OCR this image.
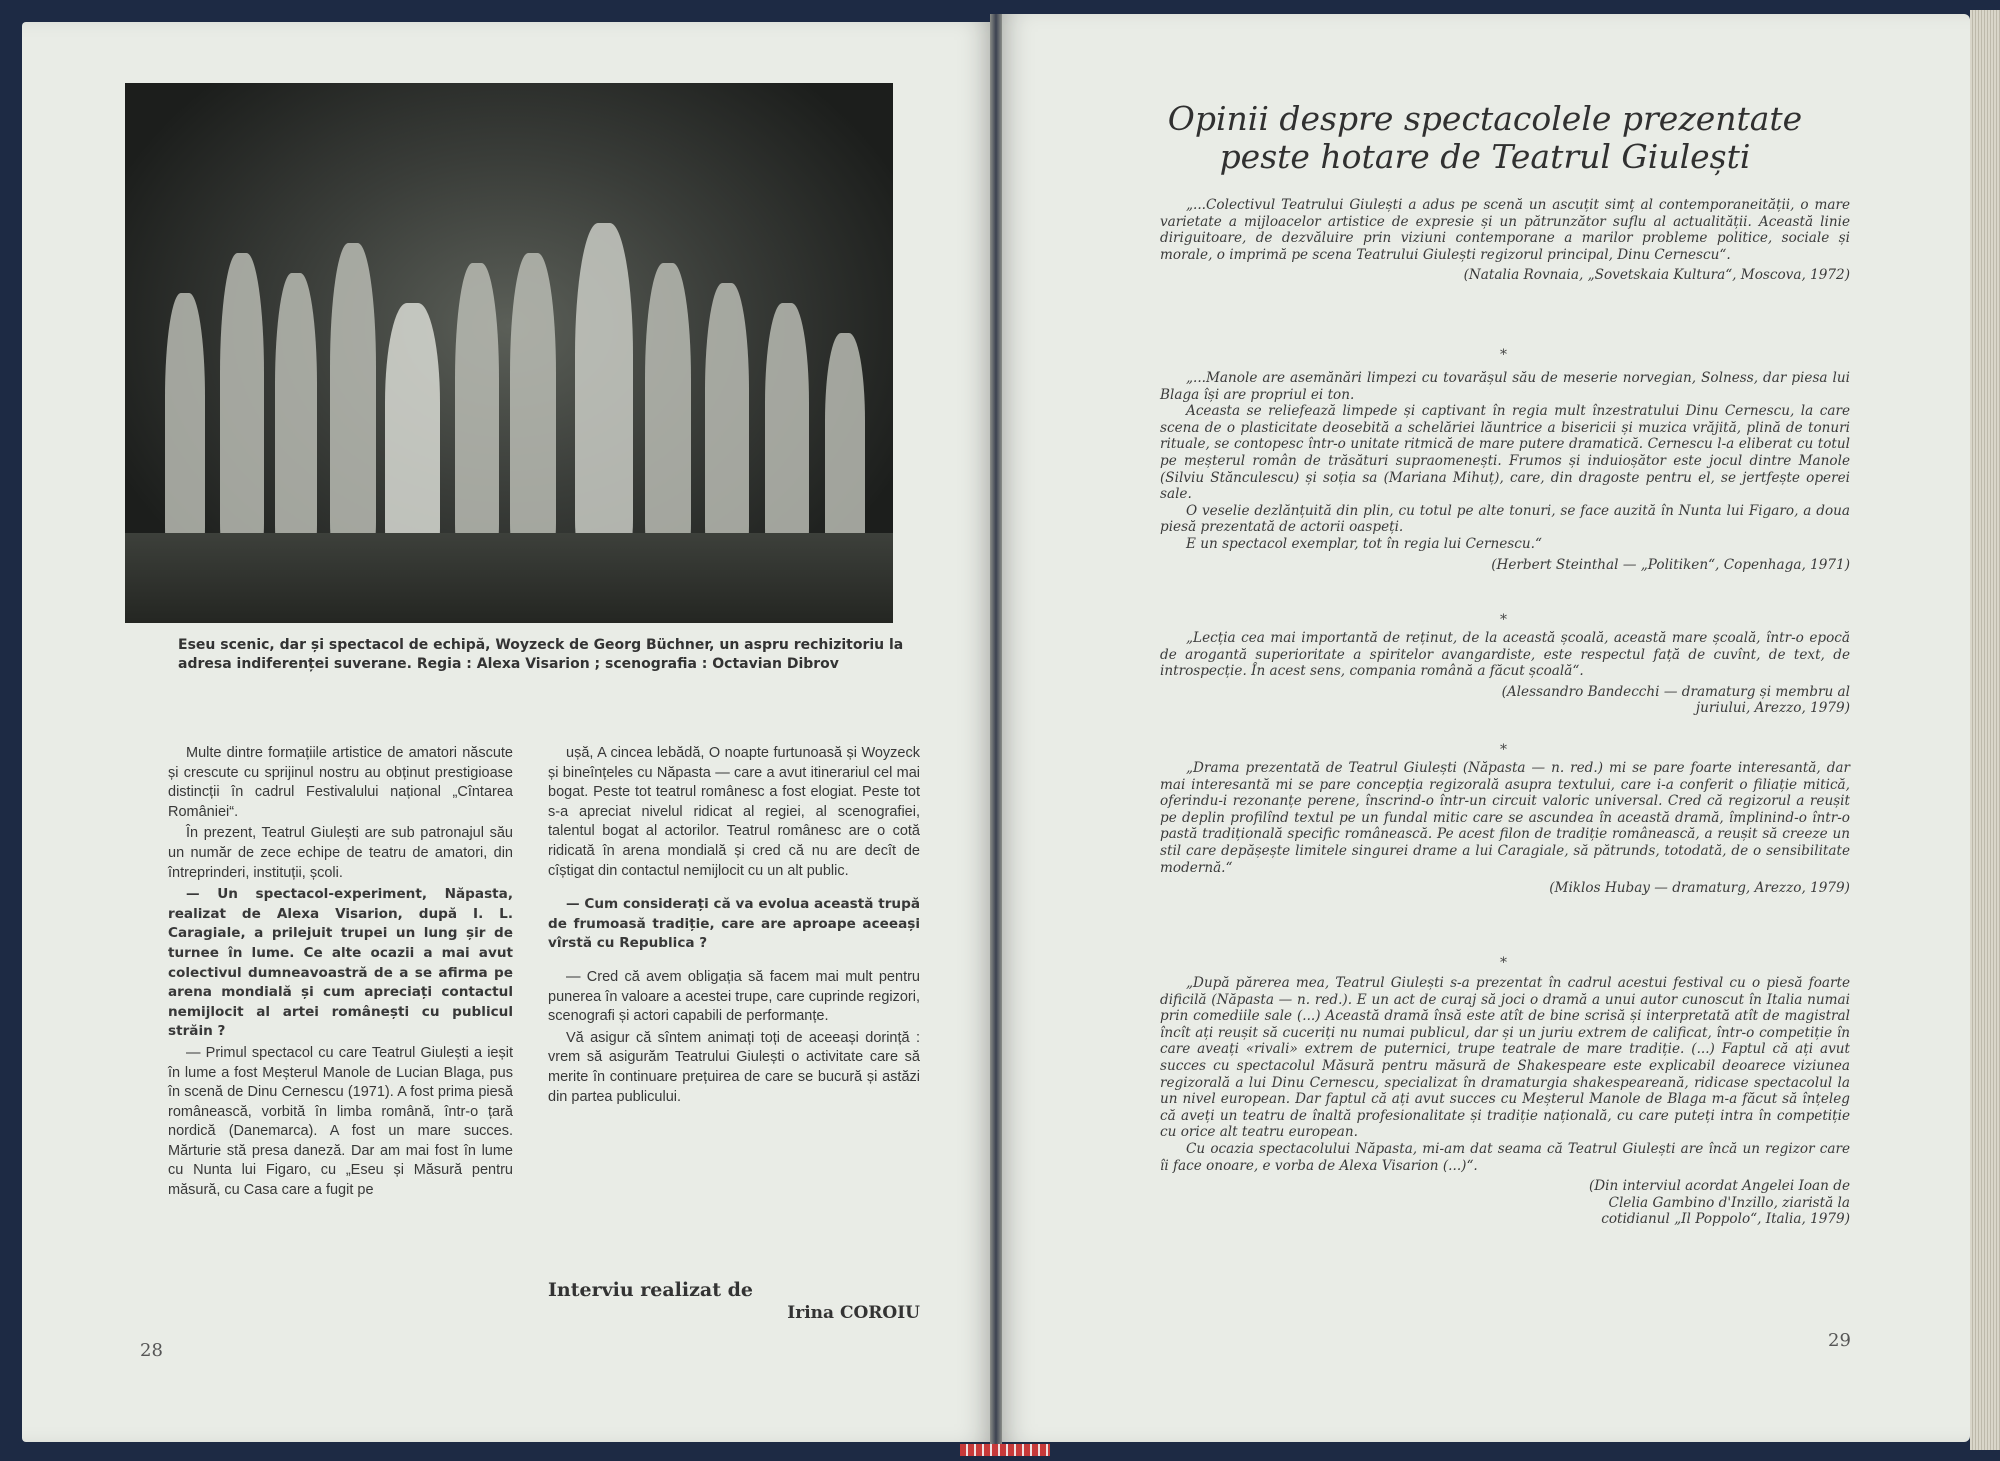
Eseu scenic, dar și spectacol de echipă, Woyzeck de Georg Büchner, un aspru rechizitoriu la adresa indiferenței suverane. Regia : Alexa Visarion ; scenografia : Octavian Dibrov

Multe dintre formațiile artistice de amatori născute și crescute cu sprijinul nostru au obținut prestigioase distincții în cadrul Festivalului național „Cîntarea României“.

În prezent, Teatrul Giulești are sub patronajul său un număr de zece echipe de teatru de amatori, din întreprinderi, instituții, școli.

— Un spectacol-experiment, Năpasta, realizat de Alexa Visarion, după I. L. Caragiale, a prilejuit trupei un lung șir de turnee în lume. Ce alte ocazii a mai avut colectivul dumneavoastră de a se afirma pe arena mondială și cum apreciați contactul nemijlocit al artei românești cu publicul străin ?

— Primul spectacol cu care Teatrul Giulești a ieșit în lume a fost Meșterul Manole de Lucian Blaga, pus în scenă de Dinu Cernescu (1971). A fost prima piesă românească, vorbită în limba română, într-o țară nordică (Danemarca). A fost un mare succes. Mărturie stă presa daneză. Dar am mai fost în lume cu Nunta lui Figaro, cu „Eseu și Măsură pentru măsură, cu Casa care a fugit pe

ușă, A cincea lebădă, O noapte furtunoasă și Woyzeck și bineînțeles cu Năpasta — care a avut itinerariul cel mai bogat. Peste tot teatrul românesc a fost elogiat. Peste tot s-a apreciat nivelul ridicat al regiei, al scenografiei, talentul bogat al actorilor. Teatrul românesc are o cotă ridicată în arena mondială și cred că nu are decît de cîștigat din contactul nemijlocit cu un alt public.

— Cum considerați că va evolua această trupă de frumoasă tradiție, care are aproape aceeași vîrstă cu Republica ?

— Cred că avem obligația să facem mai mult pentru punerea în valoare a acestei trupe, care cuprinde regizori, scenografi și actori capabili de performanțe.

Vă asigur că sîntem animați toți de aceeași dorință : vrem să asigurăm Teatrului Giulești o activitate care să merite în continuare prețuirea de care se bucură și astăzi din partea publicului.

Interviu realizat de
Irina COROIU
28
Opinii despre spectacolele prezentate
peste hotare de Teatrul Giulești

„...Colectivul Teatrului Giulești a adus pe scenă un ascuțit simț al contemporaneității, o mare varietate a mijloacelor artistice de expresie și un pătrunzător suflu al actualității. Această linie diriguitoare, de dezvăluire prin viziuni contemporane a marilor probleme politice, sociale și morale, o imprimă pe scena Teatrului Giulești regizorul principal, Dinu Cernescu“.

(Natalia Rovnaia, „Sovetskaia Kultura“, Moscova, 1972)
*

„...Manole are asemănări limpezi cu tovarășul său de meserie norvegian, Solness, dar piesa lui Blaga își are propriul ei ton.

Aceasta se reliefează limpede și captivant în regia mult înzestratului Dinu Cernescu, la care scena de o plasticitate deosebită a schelăriei lăuntrice a bisericii și muzica vrăjită, plină de tonuri rituale, se contopesc într-o unitate ritmică de mare putere dramatică. Cernescu l-a eliberat cu totul pe meșterul român de trăsături supraomenești. Frumos și induioșător este jocul dintre Manole (Silviu Stănculescu) și soția sa (Mariana Mihuț), care, din dragoste pentru el, se jertfește operei sale.

O veselie dezlănțuită din plin, cu totul pe alte tonuri, se face auzită în Nunta lui Figaro, a doua piesă prezentată de actorii oaspeți.

E un spectacol exemplar, tot în regia lui Cernescu.“

(Herbert Steinthal — „Politiken“, Copenhaga, 1971)
*

„Lecția cea mai importantă de reținut, de la această școală, această mare școală, într-o epocă de arogantă superioritate a spiritelor avangardiste, este respectul față de cuvînt, de text, de introspecție. În acest sens, compania română a făcut școală“.

(Alessandro Bandecchi — dramaturg și membru al juriului, Arezzo, 1979)
*

„Drama prezentată de Teatrul Giulești (Năpasta — n. red.) mi se pare foarte interesantă, dar mai interesantă mi se pare concepția regizorală asupra textului, care i-a conferit o filiație mitică, oferindu-i rezonanțe perene, înscrind-o într-un circuit valoric universal. Cred că regizorul a reușit pe deplin profilînd textul pe un fundal mitic care se ascundea în această dramă, împlinind-o într-o pastă tradițională specific românească. Pe acest filon de tradiție românească, a reușit să creeze un stil care depășește limitele singurei drame a lui Caragiale, să pătrunds, totodată, de o sensibilitate modernă.“

(Miklos Hubay — dramaturg, Arezzo, 1979)
*

„După părerea mea, Teatrul Giulești s-a prezentat în cadrul acestui festival cu o piesă foarte dificilă (Năpasta — n. red.). E un act de curaj să joci o dramă a unui autor cunoscut în Italia numai prin comediile sale (...) Această dramă însă este atît de bine scrisă și interpretată atît de magistral încît ați reușit să cuceriți nu numai publicul, dar și un juriu extrem de calificat, într-o competiție în care aveați «rivali» extrem de puternici, trupe teatrale de mare tradiție. (...) Faptul că ați avut succes cu spectacolul Măsură pentru măsură de Shakespeare este explicabil deoarece viziunea regizorală a lui Dinu Cernescu, specializat în dramaturgia shakespeareană, ridicase spectacolul la un nivel european. Dar faptul că ați avut succes cu Meșterul Manole de Blaga m-a făcut să înțeleg că aveți un teatru de înaltă profesionalitate și tradiție națională, cu care puteți intra în competiție cu orice alt teatru european.

Cu ocazia spectacolului Năpasta, mi-am dat seama că Teatrul Giulești are încă un regizor care îi face onoare, e vorba de Alexa Visarion (...)“.

(Din interviul acordat Angelei Ioan de Clelia Gambino d'Inzillo, ziaristă la cotidianul „Il Poppolo“, Italia, 1979)
29
